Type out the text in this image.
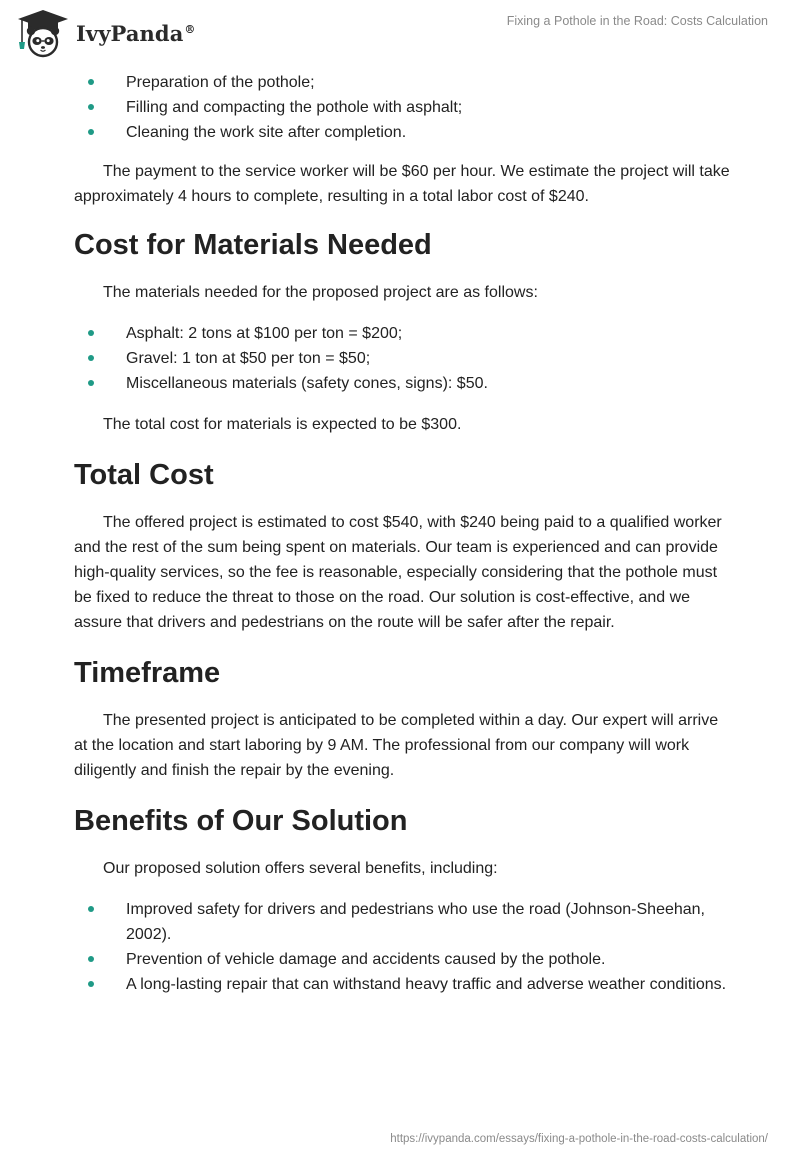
IvyPanda®
Fixing a Pothole in the Road: Costs Calculation
Preparation of the pothole;
Filling and compacting the pothole with asphalt;
Cleaning the work site after completion.

The payment to the service worker will be $60 per hour. We estimate the project will take approximately 4 hours to complete, resulting in a total labor cost of $240.

Cost for Materials Needed

The materials needed for the proposed project are as follows:

Asphalt: 2 tons at $100 per ton = $200;
Gravel: 1 ton at $50 per ton = $50;
Miscellaneous materials (safety cones, signs): $50.

The total cost for materials is expected to be $300.

Total Cost

The offered project is estimated to cost $540, with $240 being paid to a qualified worker and the rest of the sum being spent on materials. Our team is experienced and can provide high-quality services, so the fee is reasonable, especially considering that the pothole must be fixed to reduce the threat to those on the road. Our solution is cost-effective, and we assure that drivers and pedestrians on the route will be safer after the repair.

Timeframe

The presented project is anticipated to be completed within a day. Our expert will arrive at the location and start laboring by 9 AM. The professional from our company will work diligently and finish the repair by the evening.

Benefits of Our Solution

Our proposed solution offers several benefits, including:

Improved safety for drivers and pedestrians who use the road (Johnson-Sheehan, 2002).
Prevention of vehicle damage and accidents caused by the pothole.
A long-lasting repair that can withstand heavy traffic and adverse weather conditions.
https://ivypanda.com/essays/fixing-a-pothole-in-the-road-costs-calculation/
